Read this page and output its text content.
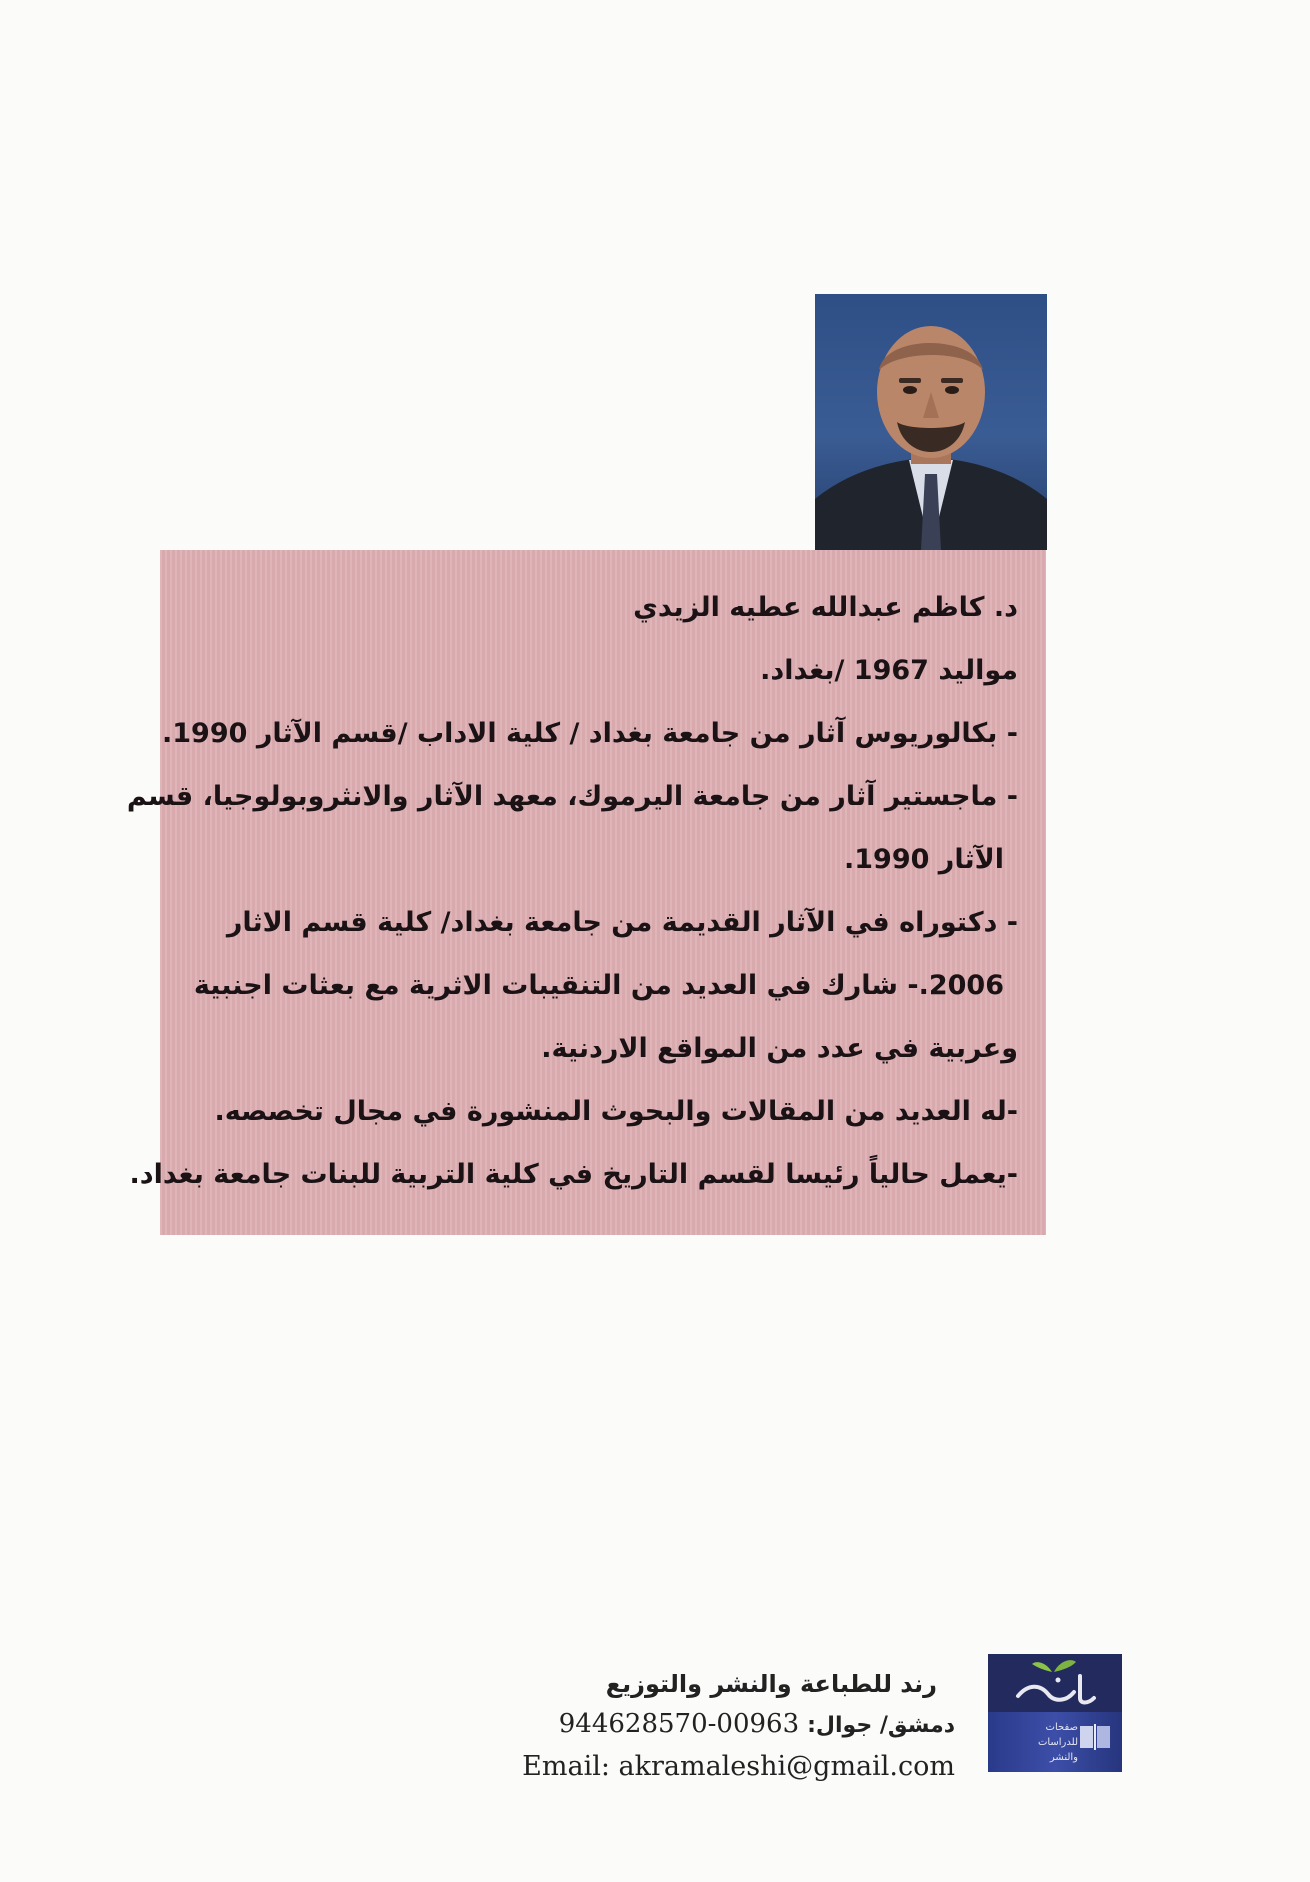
د. كاظم عبدالله عطيه الزيدي
مواليد 1967 /بغداد.
- بكالوريوس آثار من جامعة بغداد / كلية الاداب /قسم الآثار 1990.
- ماجستير آثار من جامعة اليرموك، معهد الآثار والانثروبولوجيا، قسم
الآثار 1990.
- دكتوراه في الآثار القديمة من جامعة بغداد/ كلية قسم الاثار
2006.- شارك في العديد من التنقيبات الاثرية مع بعثات اجنبية
وعربية في عدد من المواقع الاردنية.
-له العديد من المقالات والبحوث المنشورة في مجال تخصصه.
-يعمل حالياً رئيسا لقسم التاريخ في كلية التربية للبنات جامعة بغداد.
صفحات
للدراسات والنشر
رند للطباعة والنشر والتوزيع
دمشق/ جوال: 00963-944628570
Email: akramaleshi@gmail.com
